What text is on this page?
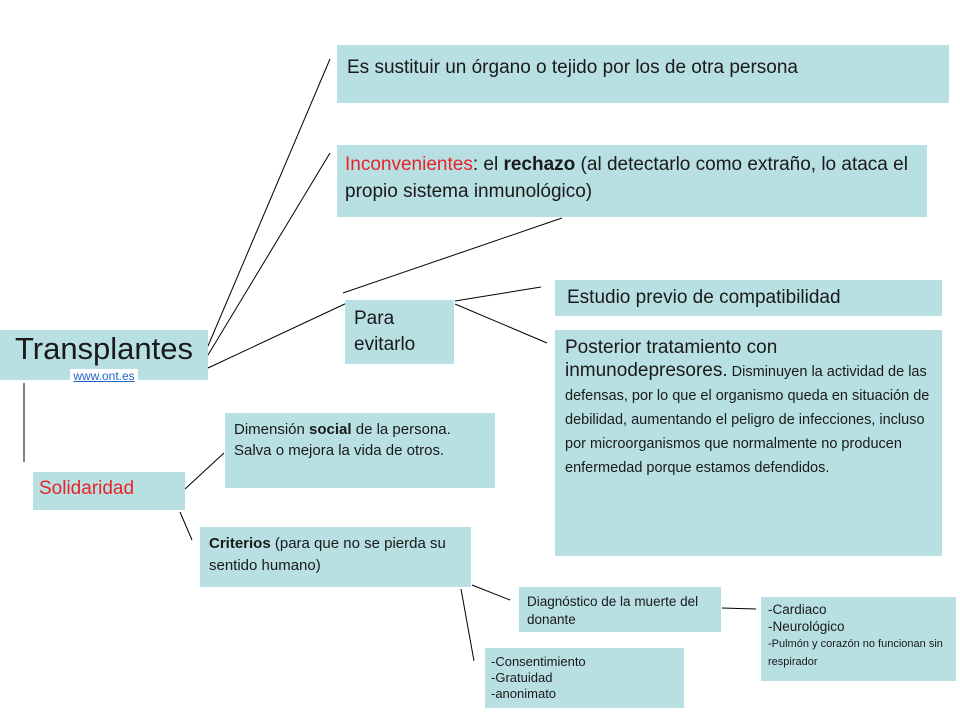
Es sustituir un órgano o tejido por los de otra persona
Inconvenientes: el rechazo (al detectarlo como extraño, lo ataca el propio sistema inmunológico)
Para evitarlo
Estudio previo de compatibilidad
Posterior tratamiento con inmunodepresores. Disminuyen la actividad de las defensas, por lo que el organismo queda en situación de debilidad, aumentando el peligro de infecciones, incluso por microorganismos que normalmente no producen enfermedad porque estamos defendidos.
Transplantes
www.ont.es
Solidaridad
Dimensión social de la persona. Salva o mejora la vida de otros.
Criterios (para que no se pierda su sentido humano)
Diagnóstico de la muerte del donante
-Cardiaco
-Neurológico
-Pulmón y corazón no funcionan sin respirador
-Consentimiento
-Gratuidad
-anonimato
